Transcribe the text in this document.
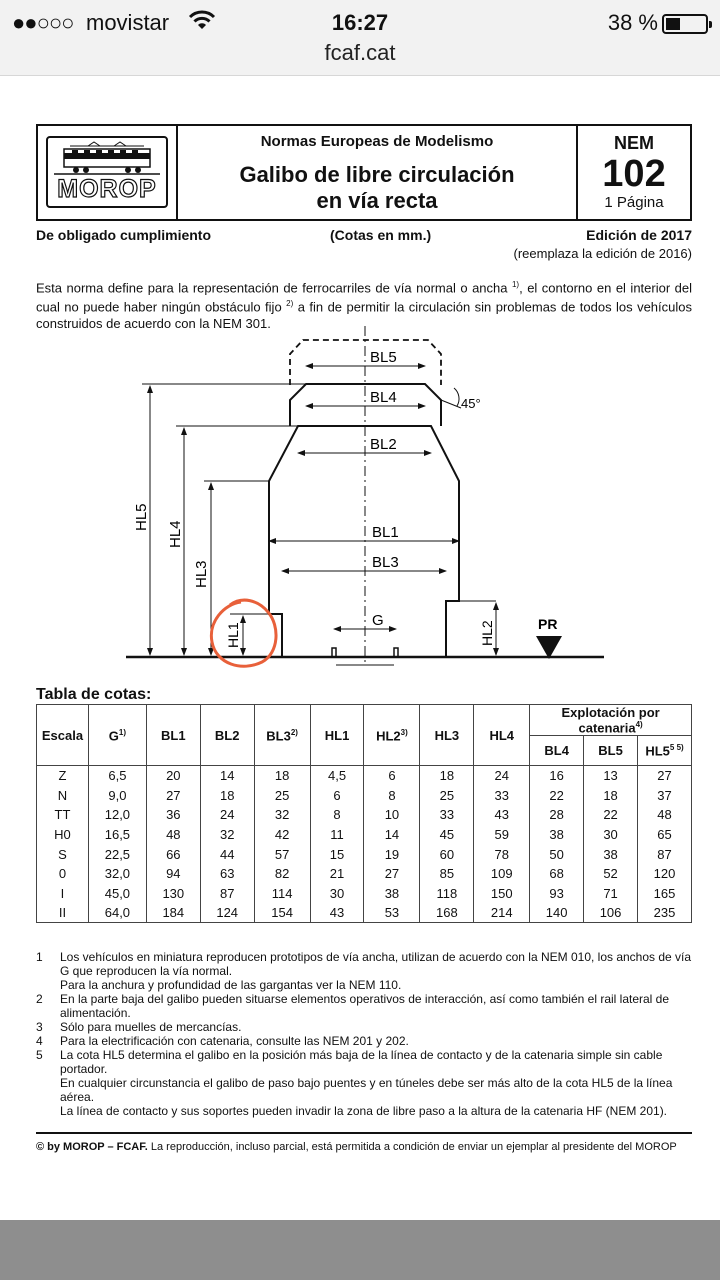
●●○○○ movistar	16:27	38 %
fcaf.cat
MOROP
Normas Europeas de Modelismo
Galibo de libre circulación
en vía recta
NEM
102
1 Página
De obligado cumplimiento	(Cotas en mm.)	Edición de 2017
(reemplaza la edición de 2016)

Esta norma define para la representación de ferrocarriles de vía normal o ancha $^{1)}$, el contorno en el interior del cual no puede haber ningún obstáculo fijo $^{2)}$ a fin de permitir la circulación sin problemas de todos los vehículos construidos de acuerdo con la NEM 301.

BL5
BL4
BL2
BL1
BL3
G
45°
PR
HL5
HL4
HL3
HL1	HL2
Tabla de cotas:
Escala	$G^{1)}$	BL1	BL2	BL3$^{2)}$	HL1	HL2$^{3)}$	HL3	HL4	Explotación por catenaria$^{4)}$
									BL4	BL5	$HL5^{5 5)}$
Z	6,5	20	14	18	4,5	6	18	24	16	13	27
N	9,0	27	18	25	6	8	25	33	22	18	37
TT	12,0	36	24	32	8	10	33	43	28	22	48
H0	16,5	48	32	42	11	14	45	59	38	30	65
S	22,5	66	44	57	15	19	60	78	50	38	87
0	32,0	94	63	82	21	27	85	109	68	52	120
I	45,0	130	87	114	30	38	118	150	93	71	165
II	64,0	184	124	154	43	53	168	214	140	106	235
1	Los vehículos en miniatura reproducen prototipos de vía ancha, utilizan de acuerdo con la NEM 010, los anchos de vía G que reproducen la vía normal.
Para la anchura y profundidad de las gargantas ver la NEM 110.
2	En la parte baja del galibo pueden situarse elementos operativos de interacción, así como también el rail lateral de alimentación.
3	Sólo para muelles de mercancías.
4	Para la electrificación con catenaria, consulte las NEM 201 y 202.
5	La cota HL5 determina el galibo en la posición más baja de la línea de contacto y de la catenaria simple sin cable portador.
En cualquier circunstancia el galibo de paso bajo puentes y en túneles debe ser más alto de la cota HL5 de la línea aérea.
La línea de contacto y sus soportes pueden invadir la zona de libre paso a la altura de la catenaria HF (NEM 201).
© by MOROP – FCAF. La reproducción, incluso parcial, está permitida a condición de enviar un ejemplar al presidente del MOROP
